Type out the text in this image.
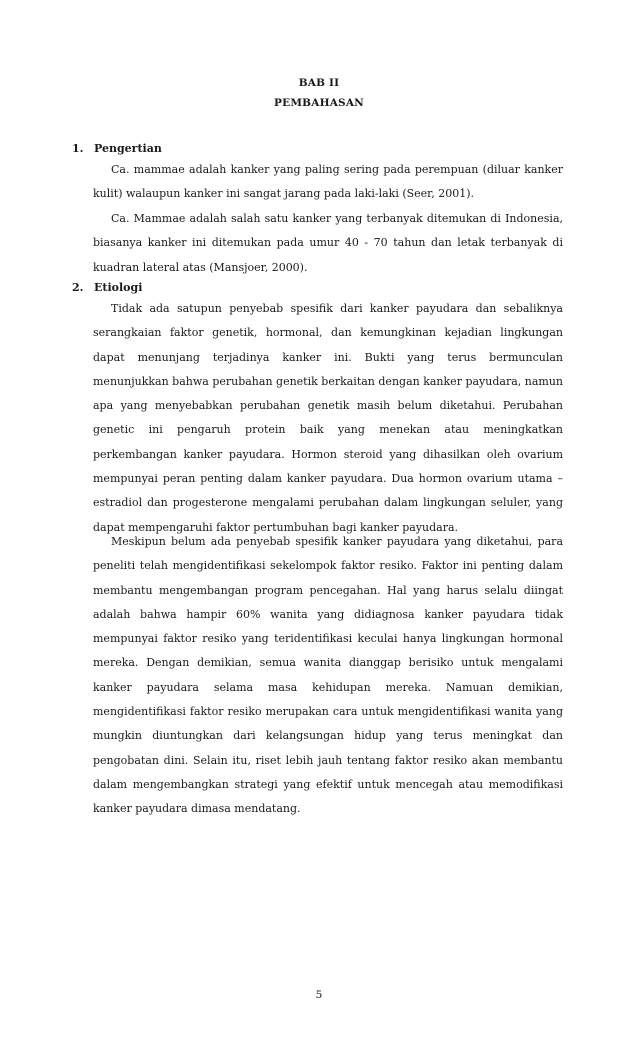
BAB II
PEMBAHASAN
1. Pengertian

Ca. mammae adalah kanker yang paling sering pada perempuan (diluar kanker kulit) walaupun kanker ini sangat jarang pada laki-laki (Seer, 2001).

Ca. Mammae adalah salah satu kanker yang terbanyak ditemukan di Indonesia, biasanya kanker ini ditemukan pada umur 40 - 70 tahun dan letak terbanyak di kuadran lateral atas (Mansjoer, 2000).

2. Etiologi

Tidak ada satupun penyebab spesifik dari kanker payudara dan sebaliknya serangkaian faktor genetik, hormonal, dan kemungkinan kejadian lingkungan dapat menunjang terjadinya kanker ini. Bukti yang terus bermunculan menunjukkan bahwa perubahan genetik berkaitan dengan kanker payudara, namun apa yang menyebabkan perubahan genetik masih belum diketahui. Perubahan genetic ini pengaruh protein baik yang menekan atau meningkatkan perkembangan kanker payudara. Hormon steroid yang dihasilkan oleh ovarium mempunyai peran penting dalam kanker payudara. Dua hormon ovarium utama – estradiol dan progesterone mengalami perubahan dalam lingkungan seluler, yang dapat mempengaruhi faktor pertumbuhan bagi kanker payudara.

Meskipun belum ada penyebab spesifik kanker payudara yang diketahui, para peneliti telah mengidentifikasi sekelompok faktor resiko. Faktor ini penting dalam membantu mengembangan program pencegahan. Hal yang harus selalu diingat adalah bahwa hampir 60% wanita yang didiagnosa kanker payudara tidak mempunyai faktor resiko yang teridentifikasi keculai hanya lingkungan hormonal mereka. Dengan demikian, semua wanita dianggap berisiko untuk mengalami kanker payudara selama masa kehidupan mereka. Namuan demikian, mengidentifikasi faktor resiko merupakan cara untuk mengidentifikasi wanita yang mungkin diuntungkan dari kelangsungan hidup yang terus meningkat dan pengobatan dini. Selain itu, riset lebih jauh tentang faktor resiko akan membantu dalam mengembangkan strategi yang efektif untuk mencegah atau memodifikasi kanker payudara dimasa mendatang.

5
